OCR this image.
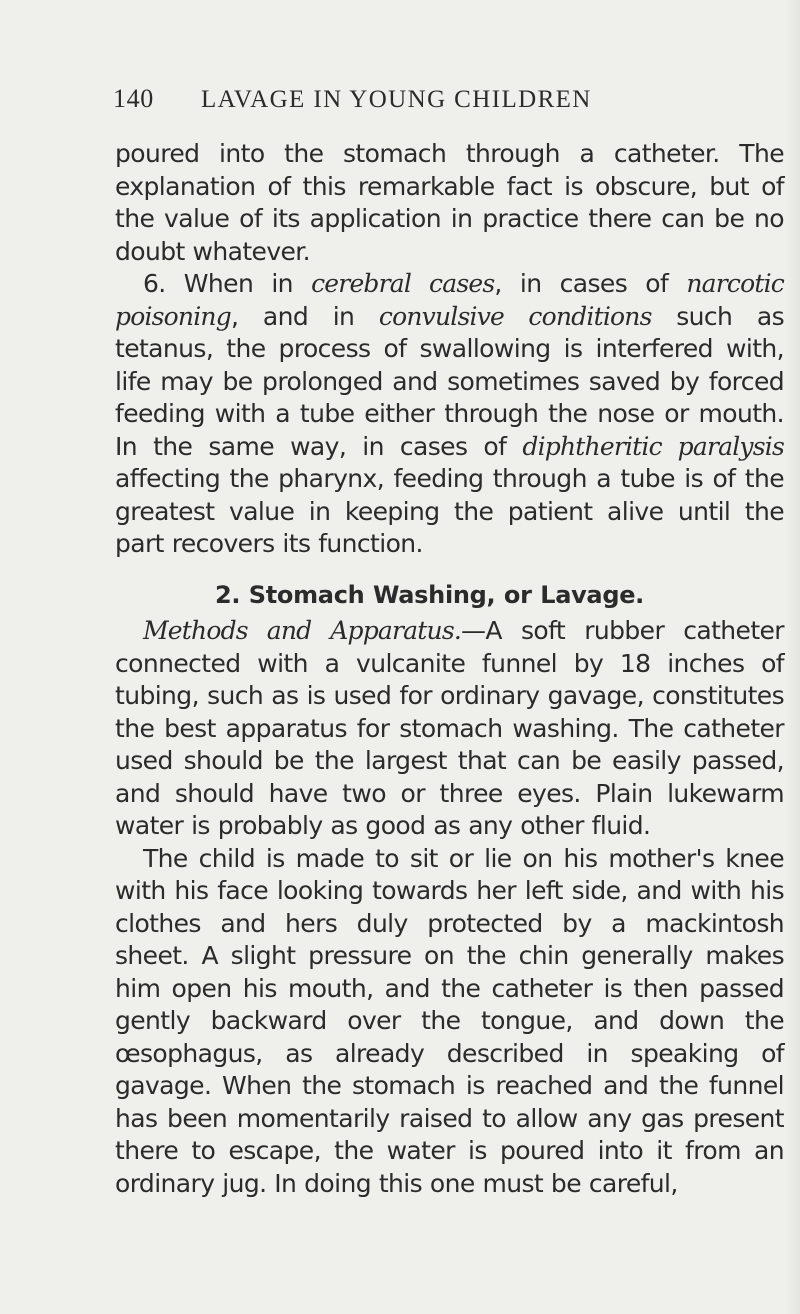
140 LAVAGE IN YOUNG CHILDREN

poured into the stomach through a catheter. The explanation of this remarkable fact is obscure, but of the value of its application in practice there can be no doubt whatever.

6. When in cerebral cases, in cases of narcotic poisoning, and in convulsive conditions such as tetanus, the process of swallowing is interfered with, life may be prolonged and sometimes saved by forced feeding with a tube either through the nose or mouth. In the same way, in cases of diphtheritic paralysis affecting the pharynx, feeding through a tube is of the greatest value in keeping the patient alive until the part recovers its function.

2. Stomach Washing, or Lavage.

Methods and Apparatus.—A soft rubber catheter connected with a vulcanite funnel by 18 inches of tubing, such as is used for ordinary gavage, constitutes the best apparatus for stomach washing. The catheter used should be the largest that can be easily passed, and should have two or three eyes. Plain lukewarm water is probably as good as any other fluid.

The child is made to sit or lie on his mother's knee with his face looking towards her left side, and with his clothes and hers duly protected by a mackintosh sheet. A slight pressure on the chin generally makes him open his mouth, and the catheter is then passed gently backward over the tongue, and down the œsophagus, as already described in speaking of gavage. When the stomach is reached and the funnel has been momentarily raised to allow any gas present there to escape, the water is poured into it from an ordinary jug. In doing this one must be careful,
